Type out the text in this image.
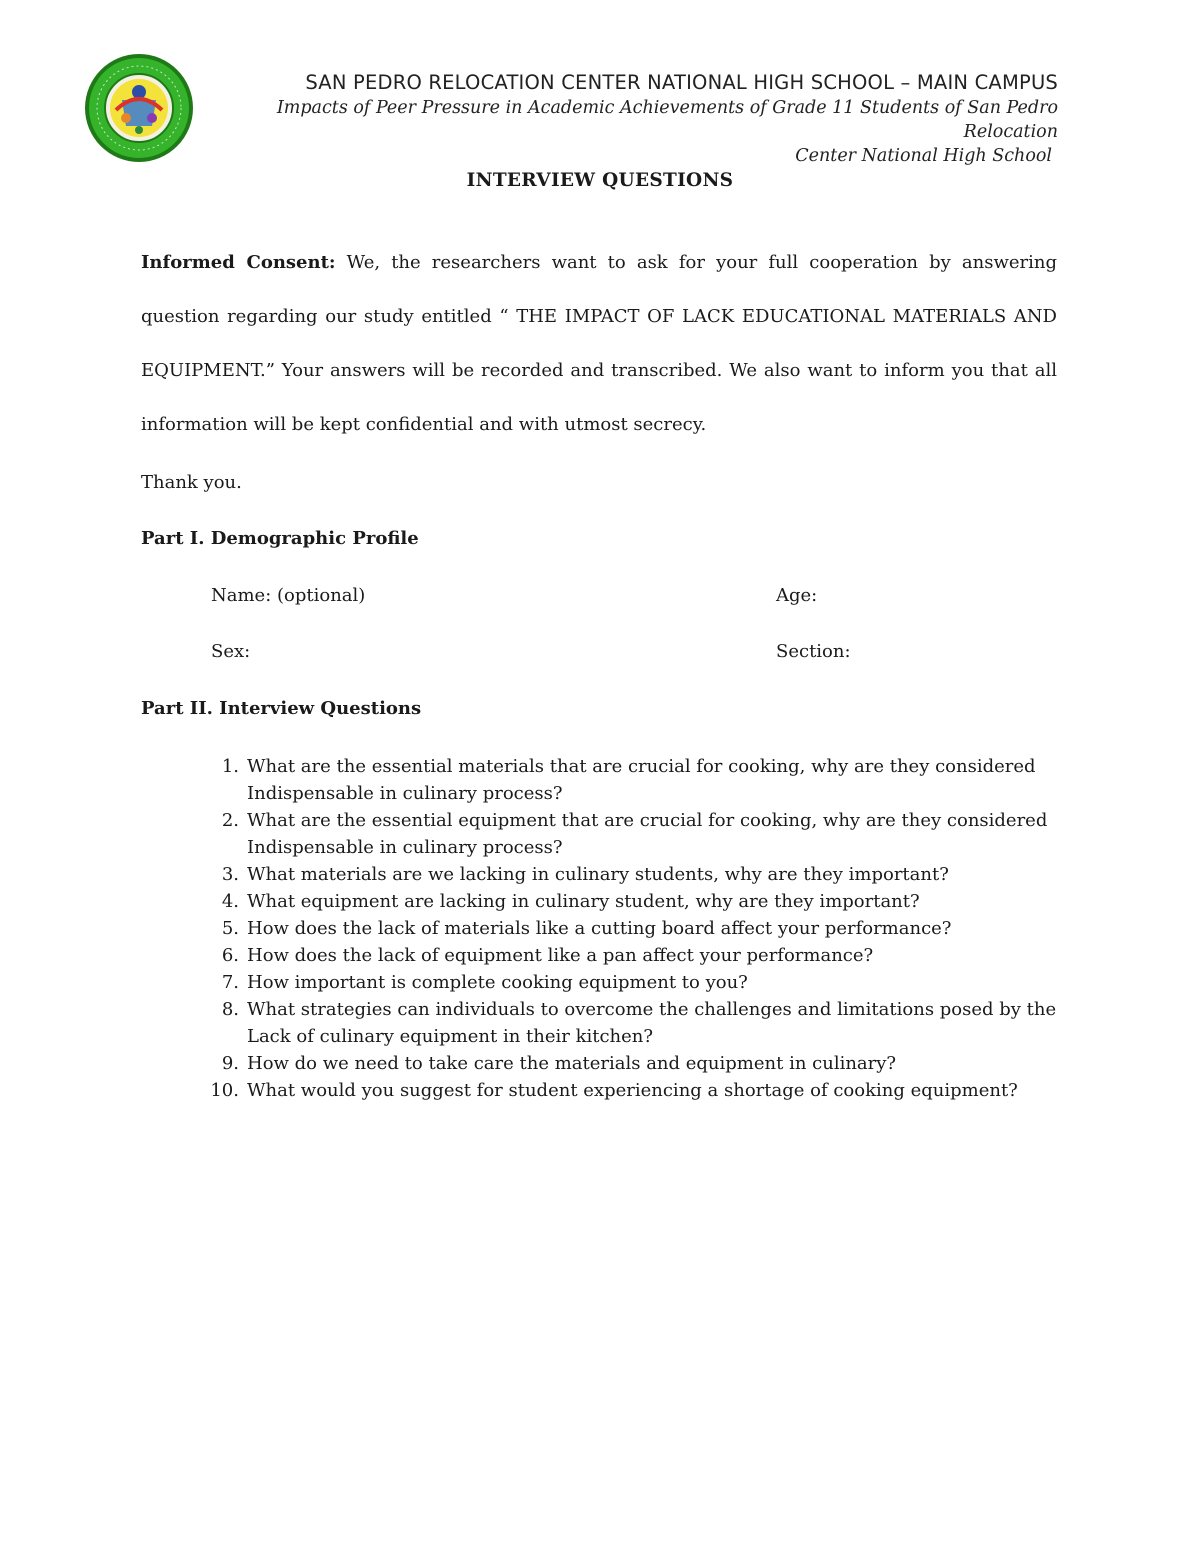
SAN PEDRO RELOCATION CENTER NATIONAL HIGH SCHOOL – MAIN CAMPUS
Impacts of Peer Pressure in Academic Achievements of Grade 11 Students of San Pedro Relocation
Center National High School
INTERVIEW QUESTIONS
Informed Consent: We, the researchers want to ask for your full cooperation by answering question regarding our study entitled “ THE IMPACT OF LACK EDUCATIONAL MATERIALS AND EQUIPMENT.” Your answers will be recorded and transcribed. We also want to inform you that all information will be kept confidential and with utmost secrecy.
Thank you.
Part I. Demographic Profile
Name: (optional)	Age:
Sex:	Section:
Part II. Interview Questions
1. What are the essential materials that are crucial for cooking, why are they considered Indispensable in culinary process?
2. What are the essential equipment that are crucial for cooking, why are they considered Indispensable in culinary process?
3. What materials are we lacking in culinary students, why are they important?
4. What equipment are lacking in culinary student, why are they important?
5. How does the lack of materials like a cutting board affect your performance?
6. How does the lack of equipment like a pan affect your performance?
7. How important is complete cooking equipment to you?
8. What strategies can individuals to overcome the challenges and limitations posed by the Lack of culinary equipment in their kitchen?
9. How do we need to take care the materials and equipment in culinary?
10. What would you suggest for student experiencing a shortage of cooking equipment?
